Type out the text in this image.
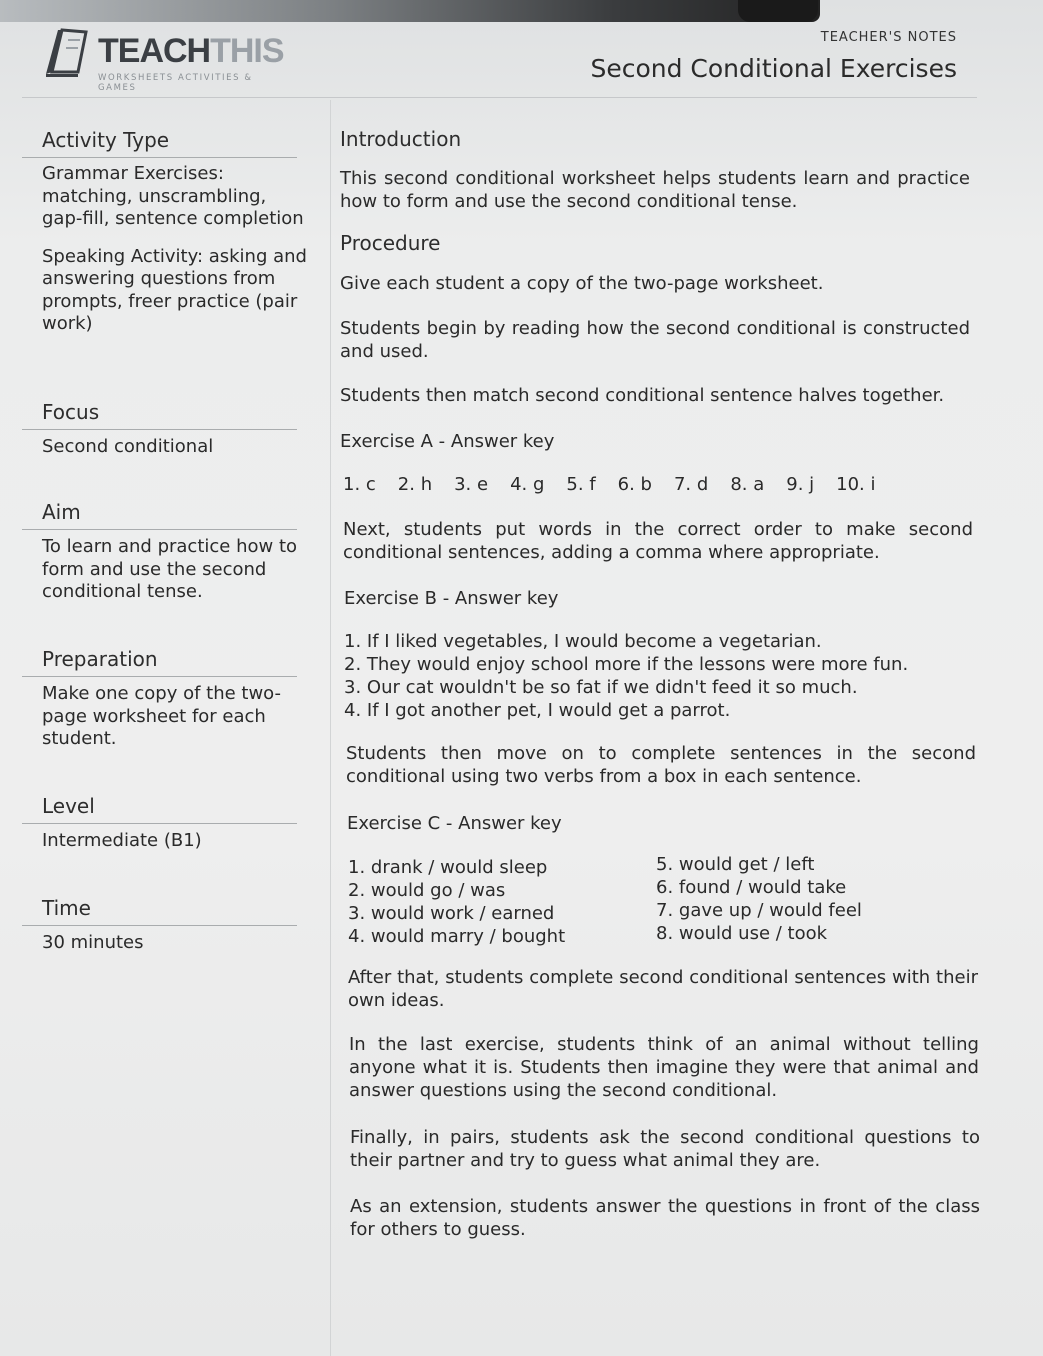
TEACHTHIS
WORKSHEETS ACTIVITIES & GAMES
TEACHER'S NOTES
Second Conditional Exercises
Activity Type

Grammar Exercises: matching, unscrambling, gap-fill, sentence completion

Speaking Activity: asking and answering questions from prompts, freer practice (pair work)

Focus

Second conditional

Aim

To learn and practice how to form and use the second conditional tense.

Preparation

Make one copy of the two-page worksheet for each student.

Level

Intermediate (B1)

Time

30 minutes

Introduction

This second conditional worksheet helps students learn and practice how to form and use the second conditional tense.

Procedure

Give each student a copy of the two-page worksheet.

Students begin by reading how the second conditional is constructed and used.

Students then match second conditional sentence halves together.

Exercise A - Answer key

1. c 2. h 3. e 4. g 5. f 6. b 7. d 8. a 9. j 10. i

Next, students put words in the correct order to make second conditional sentences, adding a comma where appropriate.

Exercise B - Answer key

1. If I liked vegetables, I would become a vegetarian.
2. They would enjoy school more if the lessons were more fun.
3. Our cat wouldn't be so fat if we didn't feed it so much.
4. If I got another pet, I would get a parrot.

Students then move on to complete sentences in the second conditional using two verbs from a box in each sentence.

Exercise C - Answer key

1. drank / would sleep
2. would go / was
3. would work / earned
4. would marry / bought
5. would get / left
6. found / would take
7. gave up / would feel
8. would use / took

After that, students complete second conditional sentences with their own ideas.

In the last exercise, students think of an animal without telling anyone what it is. Students then imagine they were that animal and answer questions using the second conditional.

Finally, in pairs, students ask the second conditional questions to their partner and try to guess what animal they are.

As an extension, students answer the questions in front of the class for others to guess.
